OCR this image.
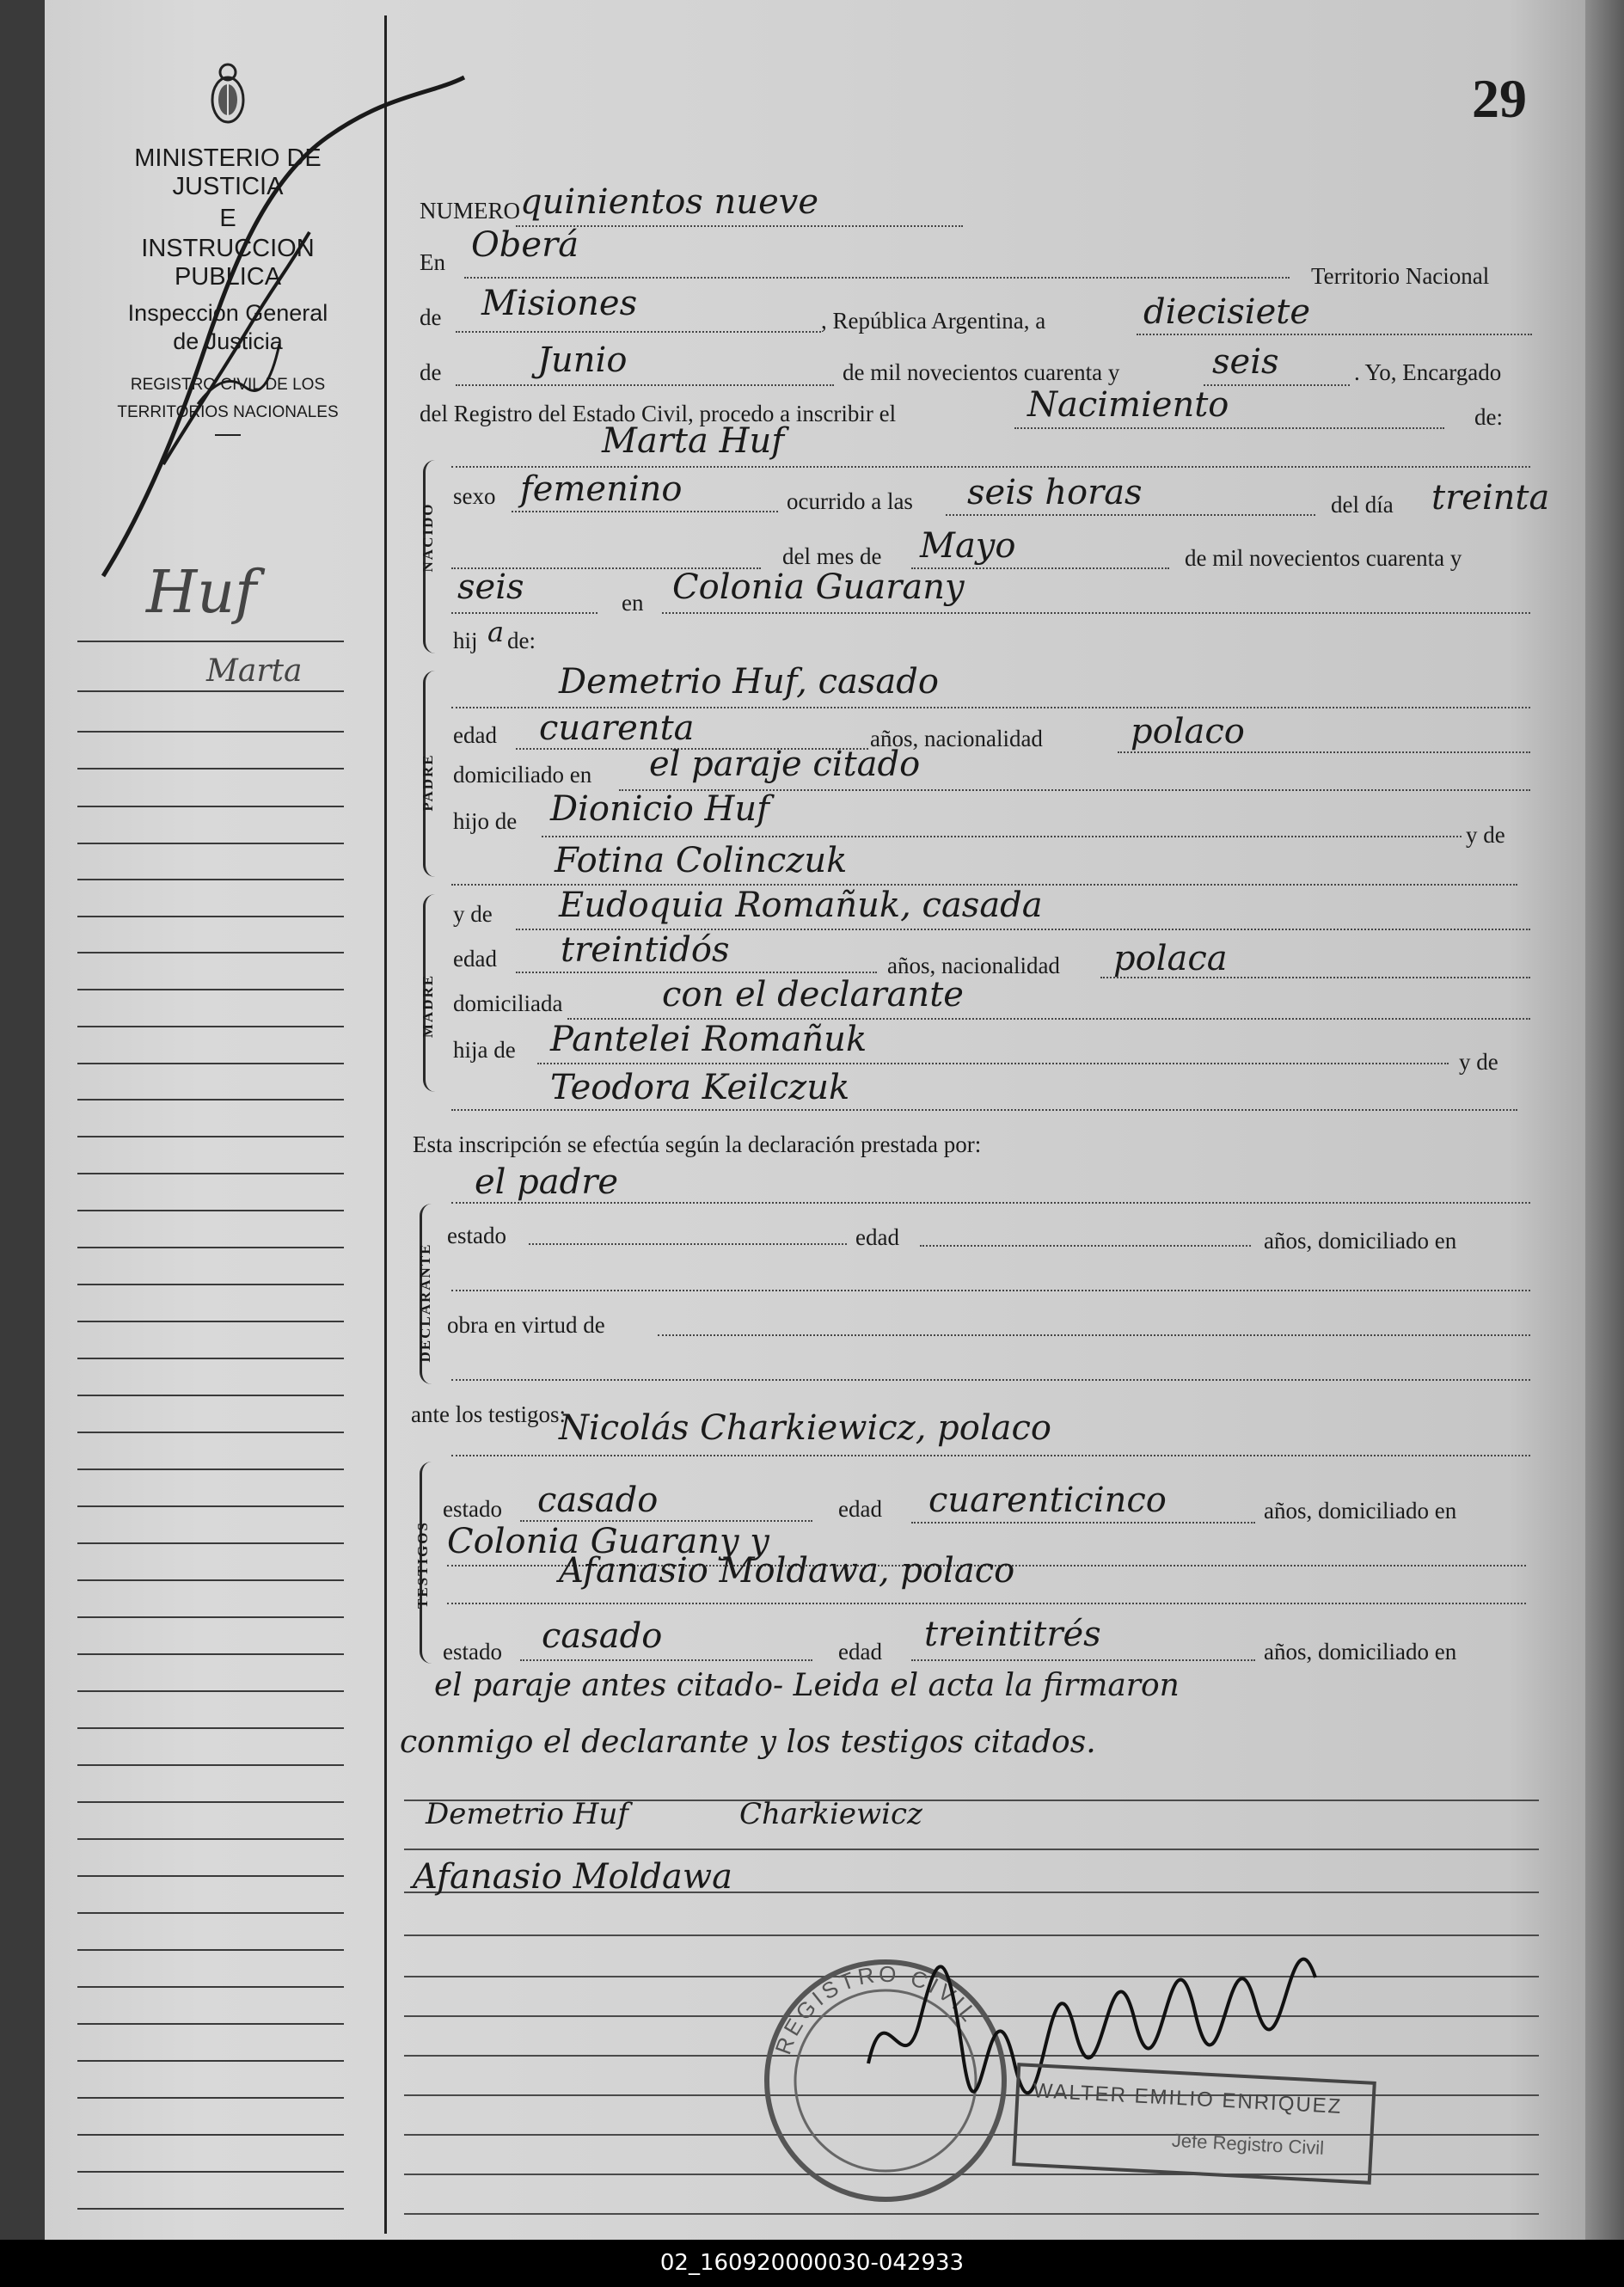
MINISTERIO DE JUSTICIA
E
INSTRUCCION PUBLICA
Inspección General
de Justicia
REGISTRO CIVIL DE LOS
TERRITORIOS NACIONALES
Huf
Marta
29
NUMERO quinientos nueve
En Oberá
Territorio Nacional
de Misiones	, República Argentina, a	diecisiete
de	Junio	de mil novecientos cuarenta y	seis	. Yo, Encargado
del Registro del Estado Civil, procedo a inscribir el	Nacimiento	de:
NACIDO
Marta Huf
sexo femenino	ocurrido a las seis horas	del día treinta
del mes de Mayo	de mil novecientos cuarenta y
seis	en Colonia Guarany
hij a de:
PADRE
Demetrio Huf, casado
edad cuarenta	años, nacionalidad	polaco
domiciliado en el paraje citado
hijo de Dionicio Huf
y de
Fotina Colinczuk
MADRE
y de Eudoquia Romañuk, casada
edad treintidós	años, nacionalidad polaca
domiciliada	con el declarante
hija de Pantelei Romañuk
y de
Teodora Keilczuk
Esta inscripción se efectúa según la declaración prestada por:
DECLARANTE
el padre
estado	edad	años, domiciliado en
obra en virtud de
ante los testigos:
Nicolás Charkiewicz, polaco
TESTIGOS
estado casado	edad cuarenticinco	años, domiciliado en
Colonia Guarany y
Afanasio Moldawa, polaco
estado casado	edad treintitrés	años, domiciliado en
el paraje antes citado- Leida el acta la firmaron
conmigo el declarante y los testigos citados.
Demetrio Huf	Charkiewicz
Afanasio Moldawa
REGISTRO CIVIL
WALTER EMILIO ENRIQUEZ
Jefe Registro Civil
02_160920000030-042933
